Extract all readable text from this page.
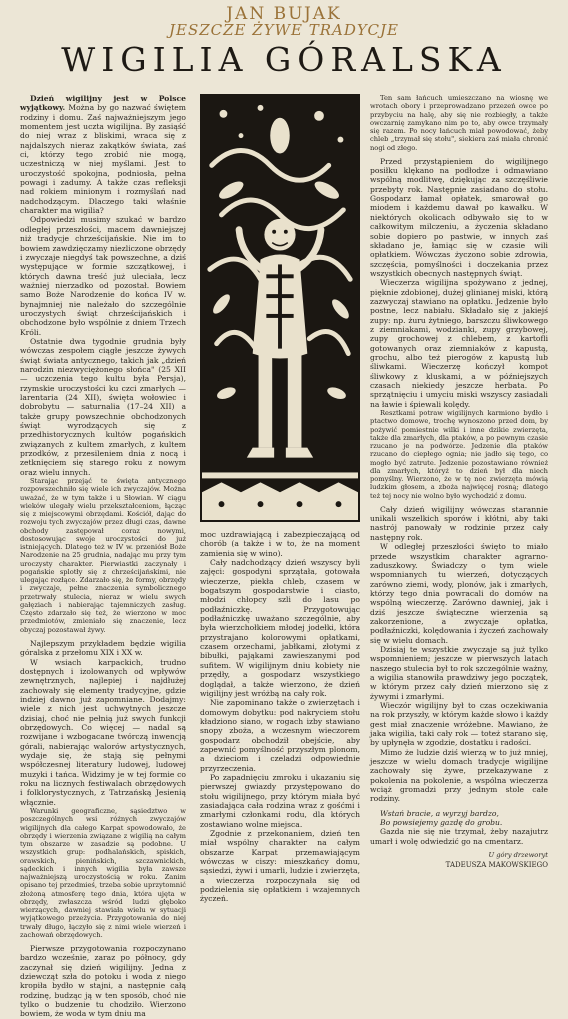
JAN BUJAK
JESZCZE ŻYWE TRADYCJE
WIGILIA GÓRALSKA

Dzień wigilijny jest w Polsce wyjątkowy. Można by go nazwać świętem rodziny i domu. Zaś najważniejszym jego momentem jest uczta wigilijna. By zasiąść do niej wraz z bliskimi, wraca się z najdalszych nieraz zakątków świata, zaś ci, którzy tego zrobić nie mogą, uczestniczą w niej myślami. Jest to uroczystość spokojna, podniosła, pełna powagi i zadumy. A także czas refleksji nad rokiem minionym i rozmyślań nad nadchodzącym. Dlaczego taki właśnie charakter ma wigilia?

Odpowiedzi musimy szukać w bardzo odległej przeszłości, macem dawniejszej niż tradycje chrześcijańskie. Nie im to bowiem zawdzięczamy niezliczone obrzędy i zwyczaje niegdyś tak powszechne, a dziś występujące w formie szczątkowej, i których dawna treść już uleciała, lecz ważniej nierzadko od pozostał. Bowiem samo Boże Narodzenie do końca IV w. bynajmniej nie należało do szczególnie uroczystych świąt chrześcijańskich i obchodzone było wspólnie z dniem Trzech Króli.

Ostatnie dwa tygodnie grudnia były wówczas zespołem ciągłe jeszcze żywych świąt świata antycznego, takich jak „dzień narodzin niezwyciężonego słońca" (25 XII — uczczenia tego kultu była Persja), rzymskie uroczystości ku czci zmarłych — larentaria (24 XII), święta wołowiec i dobrobytu — saturnalia (17–24 XII) a także grupy powszechnie obchodzonych świąt wyrodzących się z przedhistorycznych kultów pogańskich związanych z kultem zmarłych, z kultem przodków, z przesileniem dnia z nocą i zetknięciem się starego roku z nowym oraz wielu innych.

Starając przejąć te święta antycznego rozpowszechniło się wiele ich zwyczajów. Można uważać, że w tym także i u Słowian. W ciągu wieków ulegały wielu przekształceniom, łącząc się z miejscowymi obrzędami. Kościół, dając do rozwoju tych zwyczajów przez długi czas, dawne obchody zastępował coraz nowymi, dostosowując swoje uroczystości do już istniejących. Dlatego też w IV w. przeniósł Boże Narodzenie na 25 grudnia, nadając mu przy tym uroczysty charakter. Pierwiastki zaczynały i pogańskie splotły się z chrześcijańskimi, nie ulegając rozłące. Zdarzało się, że formy, obrzędy i zwyczaje, pełne znaczenia symbolicznego przetrwały stulecia, nieraz w wielu swych gałęziach i nabierając tajemniczych zasług. Często zdarzało się też, że wierzono w moc przedmiotów, zmieniało się znaczenie, lecz obyczaj pozostawał żywy.

Najlepszym przykładem będzie wigilia góralska z przełomu XIX i XX w.

W wsiach karpackich, trudno dostępnych i izolowanych od wpływów zewnętrznych, najlepiej i najdłużej zachowały się elementy tradycyjne, gdzie indziej dawno już zapomniane. Dodajmy: wiele z nich jest uchwytnych jeszcze dzisiaj, choć nie pełnią już swych funkcji obrzędowych. Co więcej — nadal są rozwijane i wzbogacane twórczą inwencją górali, nabierając walorów artystycznych, wydaje się, że stają się pełnymi współczesnej literatury ludowej, ludowej muzyki i tańca. Widzimy je w tej formie co roku na licznych festiwalach obrzędowych i folklorystycznych, z Tatrzańską Jesienią włącznie.

Warunki geograficzne, sąsiedztwo w poszczególnych wsi różnych zwyczajów wigilijnych dla całego Karpat spowodowało, że obrzędy i wierzenia związane z wigilią na całym tym obszarze w zasadzie są podobne. U wszystkich grup: podhalańskich, spiskich, orawskich, pienińskich, szczawnickich, sądeckich i innych wigilia była zawsze najważniejszą uroczystością w roku. Zanim opisano tej przedmieś, trzeba sobie uprzytomnić złożoną atmosferę tego dnia, która ujęta w obrzędy, zwłaszcza wśród ludzi głęboko wierzących, dawniej stawiała wielu w sytuacji wyjątkowego przeżycia. Przygotowania do niej trwały długo, łączyło się z nimi wiele wierzeń i zachowań obrzędowych.

Pierwsze przygotowania rozpoczynano bardzo wcześnie, zaraz po północy, gdy zaczynał się dzień wigilijny. Jedna z dziewcząt szła do potoku i woda z niego kropiła bydło w stajni, a następnie całą rodzinę, budząc ją w ten sposób, choć nie tylko o budzenie tu chodziło. Wierzono bowiem, że woda w tym dniu ma

moc uzdrawiającą i zabezpieczającą od chorób (a także i w to, że na moment zamienia się w wino).

Cały nadchodzący dzień wszyscy byli zajęci: gospodyni sprzątała, gotowała wieczerze, piekła chleb, czasem w bogatszym gospodarstwie i ciasto, młodzi chłopcy szli do lasu po podłaźniczkę. Przygotowując podłaźniczkę uważano szczególnie, aby była wierzchołkiem młodej jodełki, która przystrajano kolorowymi opłatkami, czasem orzechami, jabłkami, złotymi z bibułki, pająkami zawieszanymi pod sufitem. W wigilijnym dniu kobiety nie przędły, a gospodarz wszystkiego doglądał, a także wierzono, że dzień wigilijny jest wróżbą na cały rok.

Nie zapominano także o zwierzętach i domowym dobytku: pod nakryciem stołu kładziono siano, w rogach izby stawiano snopy zboża, a wczesnym wieczorem gospodarz obchodził obejście, aby zapewnić pomyślność przyszłym plonom, a dzieciom i czeladzi odpowiednie przyrzeczenia.

Po zapadnięciu zmroku i ukazaniu się pierwszej gwiazdy przystępowano do stołu wigilijnego, przy którym miała być zasiadająca cała rodzina wraz z gośćmi i zmarłymi członkami rodu, dla których zostawiano wolne miejsca.

Zgodnie z przekonaniem, dzień ten miał wspólny charakter na całym obszarze Karpat przemawiającym wówczas w ciszy: mieszkańcy domu, sąsiedzi, żywi i umarli, ludzie i zwierzęta, a wieczerza rozpoczynała się od podzielenia się opłatkiem i wzajemnych życzeń.

Ten sam łańcuch umieszczano na wiosnę we wrotach obory i przeprowadzano przezeń owce po przybyciu na halę, aby się nie rozbiegły, a także owczarnię zamykano nim po to, aby owce trzymały się razem. Po nocy łańcuch miał powodować, żeby chleb „trzymał się stołu", siekiera zaś miała chronić nogi od złego.

Przed przystąpieniem do wigilijnego posiłku klękano na podłodze i odmawiano wspólną modlitwę, dziękując za szczęśliwie przebyty rok. Następnie zasiadano do stołu. Gospodarz łamał opłatek, smarował go miodem i każdemu dawał po kawałku. W niektórych okolicach odbywało się to w całkowitym milczeniu, a życzenia składano sobie dopiero po pastwie, w innych zaś składano je, łamiąc się w czasie wili opłatkiem. Wówczas życzono sobie zdrowia, szczęścia, pomyślności i doczekania przez wszystkich obecnych następnych świąt.

Wieczerza wigilijna spożywano z jednej, pięknie zdobionej, dużej glinianej miski, którą zazwyczaj stawiano na opłatku. Jedzenie było postne, lecz nabiału. Składało się z jakiejś zupy: np. żuru żytniego, barszczu śliwkowego z ziemniakami, wodzianki, zupy grzybowej, zupy grochowej z chlebem, z kartofli gotowanych oraz ziemniaków z kapustą, grochu, albo też pierogów z kapustą lub śliwkami. Wieczerzę kończył kompot śliwkowy z kluskami, a w późniejszych czasach niekiedy jeszcze herbata. Po sprzątnięciu i umyciu miski wszyscy zasiadali na ławie i śpiewali kolędy.

Resztkami potraw wigilijnych karmiono bydło i ptactwo domowe, trochę wynoszono przed dom, by pożywić pomiestnie wilki i inne dzikie zwierzęta, także dla zmarłych, dla ptaków, a po pewnym czasie rzucano je na podwórze. Jedzenie dla ptaków rzucano do ciepłego ognia; nie jadło się tego, co mogło być zatrute. Jedzenie pozostawiano również dla zmarłych, któryż to dzień był dla niech pomyślny. Wierzono, że w tę noc zwierzęta mówią ludzkim głosem, a zboża najwięcej rosną; dlatego też tej nocy nie wolno było wychodzić z domu.

Cały dzień wigilijny wówczas starannie unikali wszelkich sporów i kłótni, aby taki nastrój panowały w rodzinie przez cały następny rok.

W odległej przeszłości święto to miało przede wszystkim charakter agrarno-zaduszkowy. Świadczy o tym wiele wspomnianych tu wierzeń, dotyczących zarówno ziemi, wody, plonów, jak i zmarłych, którzy tego dnia powracali do domów na wspólną wieczerzę. Zarówno dawniej, jak i dziś jeszcze świąteczne wierzenia są zakorzenione, a zwyczaje opłatka, podłaźniczki, kolędowania i życzeń zachowały się w wielu domach.

Dzisiaj te wszystkie zwyczaje są już tylko wspomnieniem; jeszcze w pierwszych latach naszego stulecia był to rok szczególnie ważny, a wigilia stanowiła prawdziwy jego początek, w którym przez cały dzień mierzono się z żywymi i zmarłymi.

Wieczór wigilijny był to czas oczekiwania na rok przyszły, w którym każde słowo i każdy gest miał znaczenie wróżebne. Mawiano, że jaka wigilia, taki cały rok — toteż starano się, by upłynęła w zgodzie, dostatku i radości.

Mimo że ludzie dziś wierzą w to już mniej, jeszcze w wielu domach tradycje wigilijne zachowały się żywe, przekazywane z pokolenia na pokolenie, a wspólna wieczerza wciąż gromadzi przy jednym stole całe rodziny.

Wstań bracie, a wyrzyj bardzo,

Bo powsiejemy gazdę do grobu.

Gazda nie się nie trzymał, żeby nazajutrz umarł i wolę odwiedzić go na cmentarz.

U góry drzeworyt

TADEUSZA MAKOWSKIEGO
